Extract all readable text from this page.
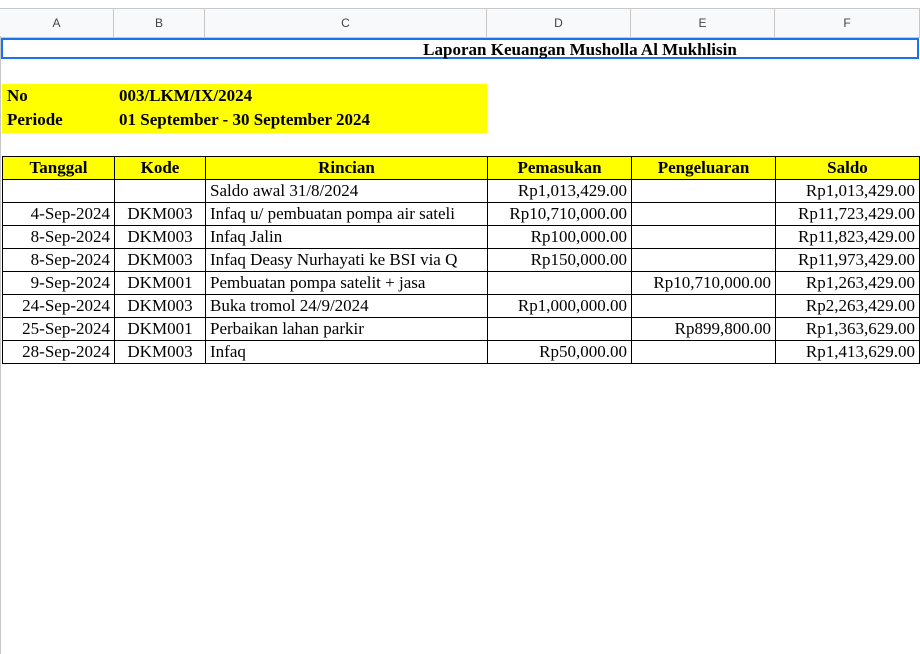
A	B	C	D	E	F
Laporan Keuangan Musholla Al Mukhlisin
No	003/LKM/IX/2024
Periode	01 September - 30 September 2024
Tanggal	Kode	Rincian	Pemasukan	Pengeluaran	Saldo
		Saldo awal 31/8/2024	Rp1,013,429.00		Rp1,013,429.00
4-Sep-2024	DKM003	Infaq u/ pembuatan pompa air sateli	Rp10,710,000.00		Rp11,723,429.00
8-Sep-2024	DKM003	Infaq Jalin	Rp100,000.00		Rp11,823,429.00
8-Sep-2024	DKM003	Infaq Deasy Nurhayati ke BSI via Q	Rp150,000.00		Rp11,973,429.00
9-Sep-2024	DKM001	Pembuatan pompa satelit + jasa		Rp10,710,000.00	Rp1,263,429.00
24-Sep-2024	DKM003	Buka tromol 24/9/2024	Rp1,000,000.00		Rp2,263,429.00
25-Sep-2024	DKM001	Perbaikan lahan parkir		Rp899,800.00	Rp1,363,629.00
28-Sep-2024	DKM003	Infaq	Rp50,000.00		Rp1,413,629.00
